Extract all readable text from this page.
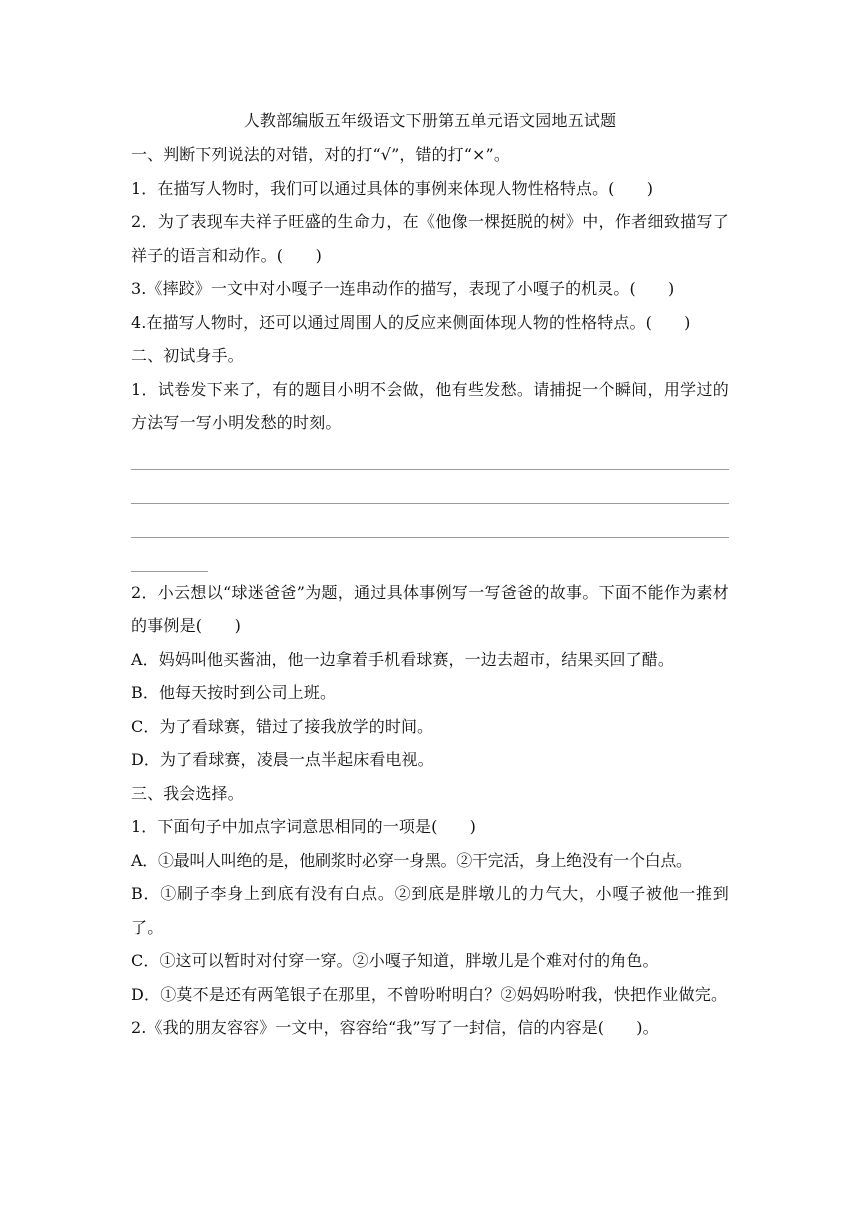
人教部编版五年级语文下册第五单元语文园地五试题
一、判断下列说法的对错，对的打“√”，错的打“×”。
1．在描写人物时，我们可以通过具体的事例来体现人物性格特点。(　　)
2．为了表现车夫祥子旺盛的生命力，在《他像一棵挺脱的树》中，作者细致描写了祥子的语言和动作。(　　)
3.《摔跤》一文中对小嘎子一连串动作的描写，表现了小嘎子的机灵。(　　)
4.在描写人物时，还可以通过周围人的反应来侧面体现人物的性格特点。(　　)
二、初试身手。
1．试卷发下来了，有的题目小明不会做，他有些发愁。请捕捉一个瞬间，用学过的方法写一写小明发愁的时刻。
2．小云想以“球迷爸爸”为题，通过具体事例写一写爸爸的故事。下面不能作为素材的事例是(　　)
A．妈妈叫他买酱油，他一边拿着手机看球赛，一边去超市，结果买回了醋。
B．他每天按时到公司上班。
C．为了看球赛，错过了接我放学的时间。
D．为了看球赛，凌晨一点半起床看电视。
三、我会选择。
1．下面句子中加点字词意思相同的一项是(　　)
A．①最叫人叫绝的是，他刷浆时必穿一身黑。②干完活，身上绝没有一个白点。
B．①刷子李身上到底有没有白点。②到底是胖墩儿的力气大，小嘎子被他一推到了。
C．①这可以暂时对付穿一穿。②小嘎子知道，胖墩儿是个难对付的角色。
D．①莫不是还有两笔银子在那里，不曾吩咐明白？②妈妈吩咐我，快把作业做完。
2.《我的朋友容容》一文中，容容给“我”写了一封信，信的内容是(　　)。
